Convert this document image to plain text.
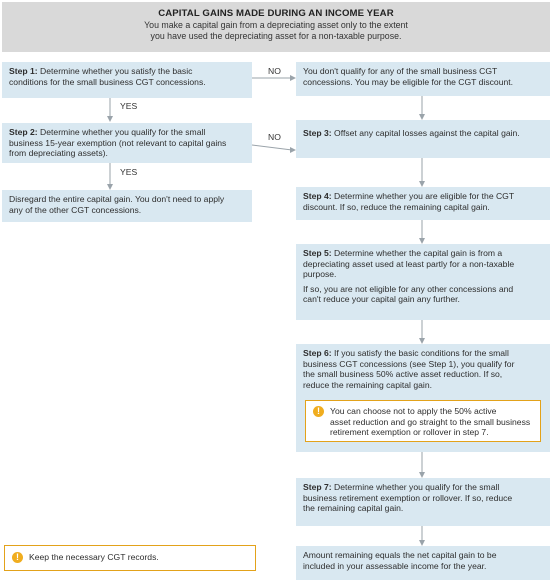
CAPITAL GAINS MADE DURING AN INCOME YEAR
You make a capital gain from a depreciating asset only to the extent
you have used the depreciating asset for a non-taxable purpose.
NO
NO
YES
YES

Step 1: Determine whether you satisfy the basic
conditions for the small business CGT concessions.

Step 2: Determine whether you qualify for the small
business 15-year exemption (not relevant to capital gains
from depreciating assets).

Disregard the entire capital gain. You don't need to apply
any of the other CGT concessions.

!	Keep the necessary CGT records.

You don't qualify for any of the small business CGT
concessions. You may be eligible for the CGT discount.

Step 3: Offset any capital losses against the capital gain.

Step 4: Determine whether you are eligible for the CGT
discount. If so, reduce the remaining capital gain.

Step 5: Determine whether the capital gain is from a
depreciating asset used at least partly for a non-taxable
purpose.

If so, you are not eligible for any other concessions and
can't reduce your capital gain any further.

Step 6: If you satisfy the basic conditions for the small
business CGT concessions (see Step 1), you qualify for
the small business 50% active asset reduction. If so,
reduce the remaining capital gain.

!	You can choose not to apply the 50% active
asset reduction and go straight to the small business
retirement exemption or rollover in step 7.

Step 7: Determine whether you qualify for the small
business retirement exemption or rollover. If so, reduce
the remaining capital gain.

Amount remaining equals the net capital gain to be
included in your assessable income for the year.
